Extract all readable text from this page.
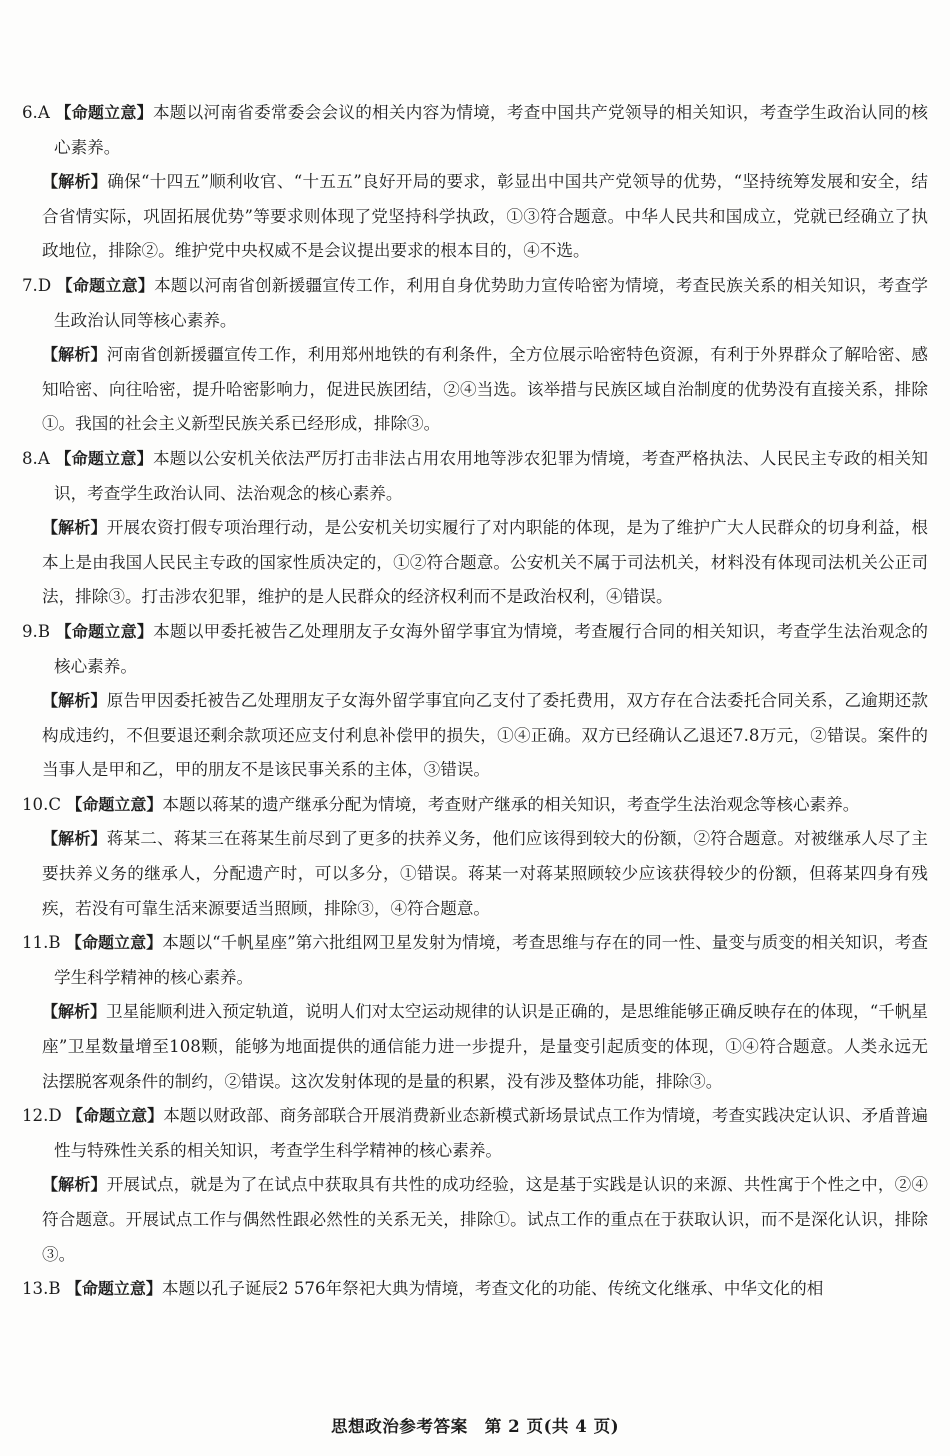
6.A 【命题立意】本题以河南省委常委会会议的相关内容为情境，考查中国共产党领导的相关知识，考查学生政治认同的核心素养。

【解析】确保“十四五”顺利收官、“十五五”良好开局的要求，彰显出中国共产党领导的优势，“坚持统筹发展和安全，结合省情实际，巩固拓展优势”等要求则体现了党坚持科学执政，①③符合题意。中华人民共和国成立，党就已经确立了执政地位，排除②。维护党中央权威不是会议提出要求的根本目的，④不选。

7.D 【命题立意】本题以河南省创新援疆宣传工作，利用自身优势助力宣传哈密为情境，考查民族关系的相关知识，考查学生政治认同等核心素养。

【解析】河南省创新援疆宣传工作，利用郑州地铁的有利条件，全方位展示哈密特色资源，有利于外界群众了解哈密、感知哈密、向往哈密，提升哈密影响力，促进民族团结，②④当选。该举措与民族区域自治制度的优势没有直接关系，排除①。我国的社会主义新型民族关系已经形成，排除③。

8.A 【命题立意】本题以公安机关依法严厉打击非法占用农用地等涉农犯罪为情境，考查严格执法、人民民主专政的相关知识，考查学生政治认同、法治观念的核心素养。

【解析】开展农资打假专项治理行动，是公安机关切实履行了对内职能的体现，是为了维护广大人民群众的切身利益，根本上是由我国人民民主专政的国家性质决定的，①②符合题意。公安机关不属于司法机关，材料没有体现司法机关公正司法，排除③。打击涉农犯罪，维护的是人民群众的经济权利而不是政治权利，④错误。

9.B 【命题立意】本题以甲委托被告乙处理朋友子女海外留学事宜为情境，考查履行合同的相关知识，考查学生法治观念的核心素养。

【解析】原告甲因委托被告乙处理朋友子女海外留学事宜向乙支付了委托费用，双方存在合法委托合同关系，乙逾期还款构成违约，不但要退还剩余款项还应支付利息补偿甲的损失，①④正确。双方已经确认乙退还7.8万元，②错误。案件的当事人是甲和乙，甲的朋友不是该民事关系的主体，③错误。

10.C 【命题立意】本题以蒋某的遗产继承分配为情境，考查财产继承的相关知识，考查学生法治观念等核心素养。

【解析】蒋某二、蒋某三在蒋某生前尽到了更多的扶养义务，他们应该得到较大的份额，②符合题意。对被继承人尽了主要扶养义务的继承人，分配遗产时，可以多分，①错误。蒋某一对蒋某照顾较少应该获得较少的份额，但蒋某四身有残疾，若没有可靠生活来源要适当照顾，排除③，④符合题意。

11.B 【命题立意】本题以“千帆星座”第六批组网卫星发射为情境，考查思维与存在的同一性、量变与质变的相关知识，考查学生科学精神的核心素养。

【解析】卫星能顺利进入预定轨道，说明人们对太空运动规律的认识是正确的，是思维能够正确反映存在的体现，“千帆星座”卫星数量增至108颗，能够为地面提供的通信能力进一步提升，是量变引起质变的体现，①④符合题意。人类永远无法摆脱客观条件的制约，②错误。这次发射体现的是量的积累，没有涉及整体功能，排除③。

12.D 【命题立意】本题以财政部、商务部联合开展消费新业态新模式新场景试点工作为情境，考查实践决定认识、矛盾普遍性与特殊性关系的相关知识，考查学生科学精神的核心素养。

【解析】开展试点，就是为了在试点中获取具有共性的成功经验，这是基于实践是认识的来源、共性寓于个性之中，②④符合题意。开展试点工作与偶然性跟必然性的关系无关，排除①。试点工作的重点在于获取认识，而不是深化认识，排除③。

13.B 【命题立意】本题以孔子诞辰2 576年祭祀大典为情境，考查文化的功能、传统文化继承、中华文化的相

思想政治参考答案　第 2 页(共 4 页)
